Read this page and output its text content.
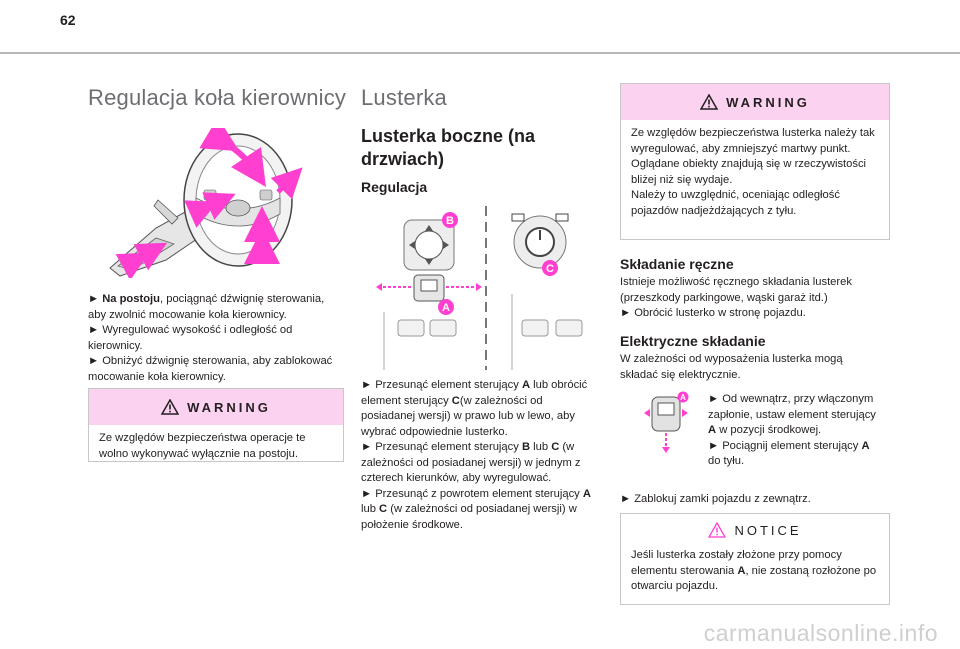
62
Regulacja koła kierownicy

► Na postoju, pociągnąć dźwignię sterowania, aby zwolnić mocowanie koła kierownicy.

► Wyregulować wysokość i odległość od kierownicy.

► Obniżyć dźwignię sterowania, aby zablokować mocowanie koła kierownicy.

WARNING

Ze względów bezpieczeństwa operacje te wolno wykonywać wyłącznie na postoju.

Lusterka
Lusterka boczne (na drzwiach)
Regulacja
B
A
C

► Przesunąć element sterujący A lub obrócić element sterujący C(w zależności od posiadanej wersji) w prawo lub w lewo, aby wybrać odpowiednie lusterko.

► Przesunąć element sterujący B lub C (w zależności od posiadanej wersji) w jednym z czterech kierunków, aby wyregulować.

► Przesunąć z powrotem element sterujący A lub C (w zależności od posiadanej wersji) w położenie środkowe.

WARNING

Ze względów bezpieczeństwa lusterka należy tak wyregulować, aby zmniejszyć martwy punkt.

Oglądane obiekty znajdują się w rzeczywistości bliżej niż się wydaje.

Należy to uwzględnić, oceniając odległość pojazdów nadjeżdżających z tyłu.

Składanie ręczne

Istnieje możliwość ręcznego składania lusterek (przeszkody parkingowe, wąski garaż itd.)

► Obrócić lusterko w stronę pojazdu.

Elektryczne składanie

W zależności od wyposażenia lusterka mogą składać się elektrycznie.

A ► Od wewnątrz, przy włączonym zapłonie, ustaw element sterujący A w pozycji środkowej.

► Pociągnij element sterujący A do tyłu.

► Zablokuj zamki pojazdu z zewnątrz.

NOTICE

Jeśli lusterka zostały złożone przy pomocy elementu sterowania A, nie zostaną rozłożone po otwarciu pojazdu.

carmanualsonline.info
